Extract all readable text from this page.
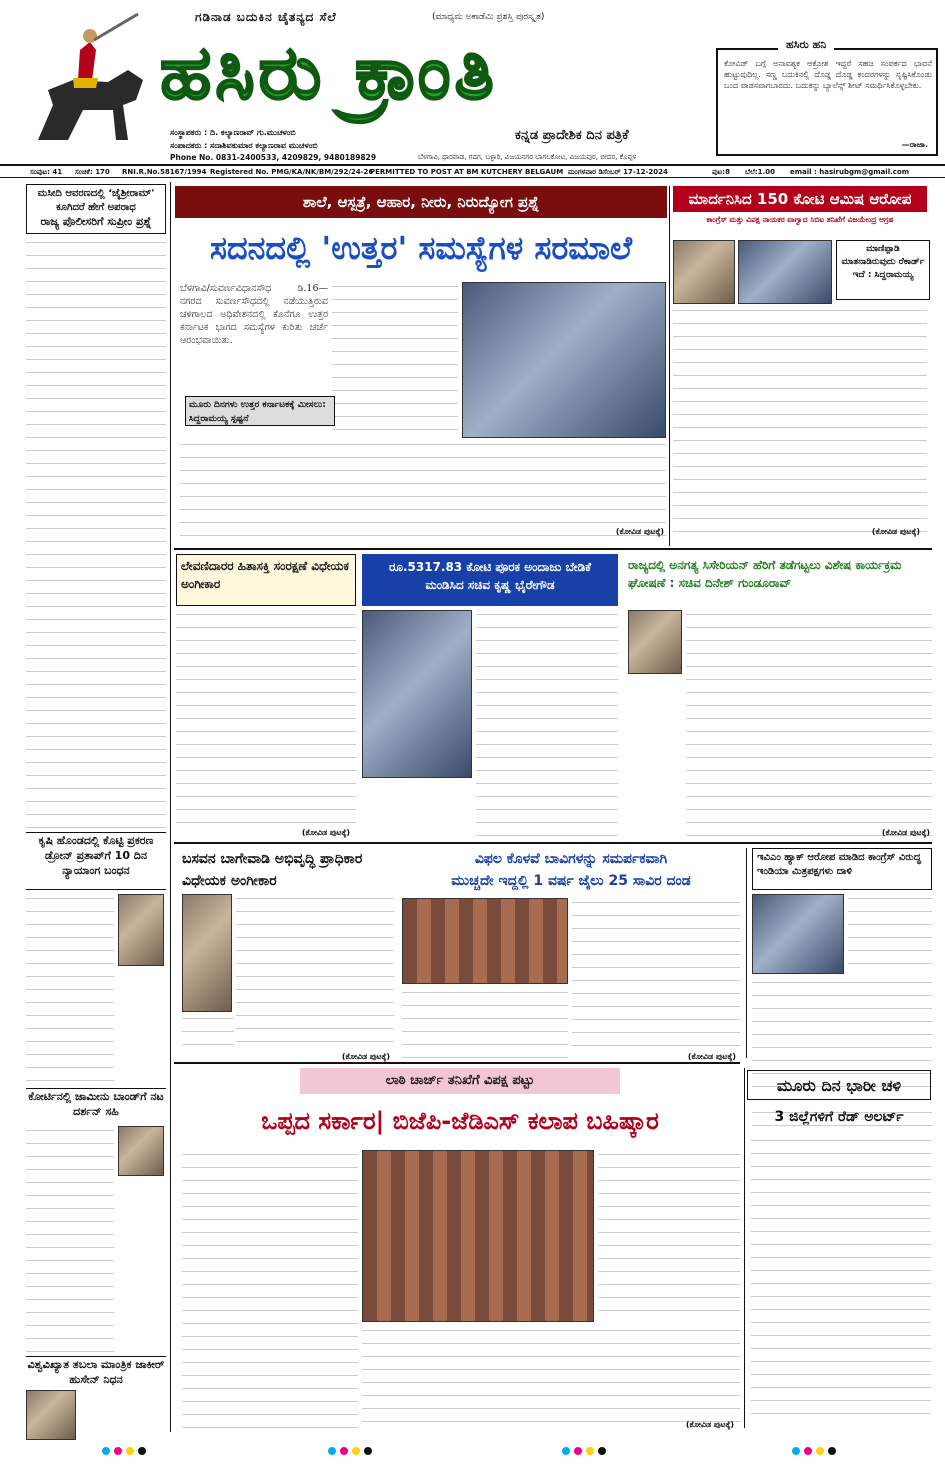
ಗಡಿನಾಡ ಬದುಕಿನ ಚೈತನ್ಯದ ಸೆಲೆ	(ಮಾಧ್ಯಮ ಅಕಾಡೆಮಿ ಪ್ರಶಸ್ತಿ ಪುರಸ್ಕೃತ)
ಹಸಿರು ಕ್ರಾಂತಿ
ಕನ್ನಡ ಪ್ರಾದೇಶಿಕ ದಿನ ಪತ್ರಿಕೆ
ಸಂಸ್ಥಾಪಕರು : ದಿ. ಕಲ್ಯಾಣರಾವ್ ಗು.ಮುಚಳಂಬಿ
ಸಂಪಾದಕರು : ಸದಾಶಿವಕುಮಾರ ಕಲ್ಯಾಣರಾವ ಮುಚಳಂಬಿ
Phone No. 0831-2400533, 4209829, 9480189829	ಬೆಳಗಾವಿ, ಧಾರವಾಡ, ಗದಗ, ಬಳ್ಳಾರಿ, ವಿಜಯನಗರ ಬಾಗಲಕೋಟ, ವಿಜಯಪುರ, ಬೀದರ, ಕೊಪ್ಪಳ
ಹಸಿರು ಹನಿ
ಕೋವಿಡ್ ಬಗ್ಗೆ ಅನಾವಶ್ಯಕ ಆಕ್ರೋಶ ಇದ್ದರೆ ಸಹಜ ಸಂಪರ್ಕದ ಭಾವನೆ ಹುಟ್ಟುವುದಿಲ್ಲ. ಸಣ್ಣ ಬದುಕಿನಲ್ಲಿ ದೊಡ್ಡ ದೊಡ್ಡ ಕಂದರಗಳನ್ನು ಸೃಷ್ಟಿಸಿಕೊಂಡು ಬಂದ ವಾಡಸವಾಗಬಾರದು. ಬದುಕನ್ನು ಬ್ಯಾಲೆನ್ಸ್ ಶೀಟ್ ಸಮರ್ಥಿಸಿಕೊಳ್ಳಬೇಕು.
—ರಾಜಾ.
ಸಂಪುಟ: 41 ಸಂಚಿಕೆ: 170 RNI.R.No.58167/1994 Registered No. PMG/KA/NK/BM/292/24-26
PERMITTED TO POST AT BM KUTCHERY BELGAUM ಮಂಗಳವಾರ ಡಿಸೆಂಬರ್ 17-12-2024	ಪುಟ:8 ಬೆಲೆ:1.00 email : hasirubgm@gmail.com
ಮಸೀದಿ ಆವರಣದಲ್ಲಿ ‘ಜೈಶ್ರೀರಾಮ್' ಕೂಗಿದರೆ ಹೇಗೆ ಅಪರಾಧ
ರಾಜ್ಯ ಪೊಲೀಸರಿಗೆ ಸುಪ್ರೀಂ ಪ್ರಶ್ನೆ
ಕೃಷಿ ಹೊಂಡದಲ್ಲಿ ಕೊಟ್ಟಿ ಪ್ರಕರಣ ಡ್ರೋನ್ ಪ್ರತಾಪ್‌ಗೆ 10 ದಿನ ನ್ಯಾಯಾಂಗ ಬಂಧನ
ಕೋರ್ಟಿನಲ್ಲಿ ಜಾಮೀನು ಬಾಂಡ್‌ಗೆ ನಟ ದರ್ಶನ್ ಸಹಿ
ವಿಶ್ವವಿಖ್ಯಾತ ತಬಲಾ ಮಾಂತ್ರಿಕ ಜಾಕೀರ್ ಹುಸೇನ್ ನಿಧನ
ಶಾಲೆ, ಆಸ್ಪತ್ರೆ, ಆಹಾರ, ನೀರು, ನಿರುದ್ಯೋಗ ಪ್ರಶ್ನೆ
ಸದನದಲ್ಲಿ 'ಉತ್ತರ' ಸಮಸ್ಯೆಗಳ ಸರಮಾಲೆ
ಬೆಳಗಾವಿ/ಸುವರ್ಣವಿಧಾನಸೌಧ ಡಿ.16— ನಗರದ ಸುವರ್ಣಸೌಧದಲ್ಲಿ ನಡೆಯುತ್ತಿರುವ ಚಳಿಗಾಲದ ಅಧಿವೇಶನದಲ್ಲಿ ಕೊನೆಗೂ ಉತ್ತರ ಕರ್ನಾಟಕ ಭಾಗದ ಸಮಸ್ಯೆಗಳ ಕುರಿತು ಚರ್ಚೆ ಆರಂಭವಾಯಿತು.
ಮೂರು ದಿನಗಳು ಉತ್ತರ ಕರ್ನಾಟಕಕ್ಕೆ ಮೀಸಲು: ಸಿದ್ದರಾಮಯ್ಯ ಸ್ಪಷ್ಟನೆ
(ಕೋವಿಡ ಪುಟಕ್ಕೆ)
ಮಾರ್ದನಿಸಿದ 150 ಕೋಟಿ ಆಮಿಷ ಆರೋಪ
ಕಾಂಗ್ರೆಸ್ ಮತ್ತು ವಿಪಕ್ಷ ನಾಯಕರ ವಾಗ್ವಾದ ಸಿಬಿಐ ತನಿಖೆಗೆ ವಿಜಯೇಂದ್ರ ಆಗ್ರಹ
ಮಾಣಿಪ್ಪಾಡಿ ಮಾತನಾಡಿರುವುದು ರೆಕಾರ್ಡ್ ಇದೆ : ಸಿದ್ದರಾಮಯ್ಯ
(ಕೋವಿಡ ಪುಟಕ್ಕೆ)
ಲೇವಣಿದಾರರ ಹಿತಾಸಕ್ತಿ ಸಂರಕ್ಷಣೆ ವಿಧೇಯಕ ಅಂಗೀಕಾರ
(ಕೋವಿಡ ಪುಟಕ್ಕೆ)
ರೂ.5317.83 ಕೋಟಿ ಪೂರಕ ಅಂದಾಜು ಬೇಡಿಕೆ ಮಂಡಿಸಿದ ಸಚಿವ ಕೃಷ್ಣ ಭೈರೇಗೌಡ
ರಾಜ್ಯದಲ್ಲಿ ಅನಗತ್ಯ ಸಿಸೇರಿಯನ್ ಹೆರಿಗೆ ತಡೆಗಟ್ಟಲು ವಿಶೇಷ ಕಾರ್ಯಕ್ರಮ ಘೋಷಣೆ : ಸಚಿವ ದಿನೇಶ್ ಗುಂಡೂರಾವ್
(ಕೋವಿಡ ಪುಟಕ್ಕೆ)
ಬಸವನ ಬಾಗೇವಾಡಿ ಅಭಿವೃದ್ಧಿ ಪ್ರಾಧಿಕಾರ ವಿಧೇಯಕ ಅಂಗೀಕಾರ
(ಕೋವಿಡ ಪುಟಕ್ಕೆ)
ವಿಫಲ ಕೊಳವೆ ಬಾವಿಗಳನ್ನು ಸಮರ್ಪಕವಾಗಿ
ಮುಚ್ಚದೇ ಇದ್ದಲ್ಲಿ 1 ವರ್ಷ ಜೈಲು 25 ಸಾವಿರ ದಂಡ
(ಕೋವಿಡ ಪುಟಕ್ಕೆ)
ಇವಿಎಂ ಹ್ಯಾಕ್ ಆರೋಪ ಮಾಡಿದ ಕಾಂಗ್ರೆಸ್ ವಿರುದ್ಧ ಇಂಡಿಯಾ ಮಿತ್ರಪಕ್ಷಗಳು ದಾಳಿ
ಲಾಠಿ ಚಾರ್ಜ್ ತನಿಖೆಗೆ ವಿಪಕ್ಷ ಪಟ್ಟು
ಒಪ್ಪದ ಸರ್ಕಾರ| ಬಿಜೆಪಿ-ಜೆಡಿಎಸ್ ಕಲಾಪ ಬಹಿಷ್ಕಾರ
(ಕೋವಿಡ ಪುಟಕ್ಕೆ)
ಮೂರು ದಿನ ಭಾರೀ ಚಳಿ
3 ಜಿಲ್ಲೆಗಳಿಗೆ ರೆಡ್ ಅಲರ್ಟ್
